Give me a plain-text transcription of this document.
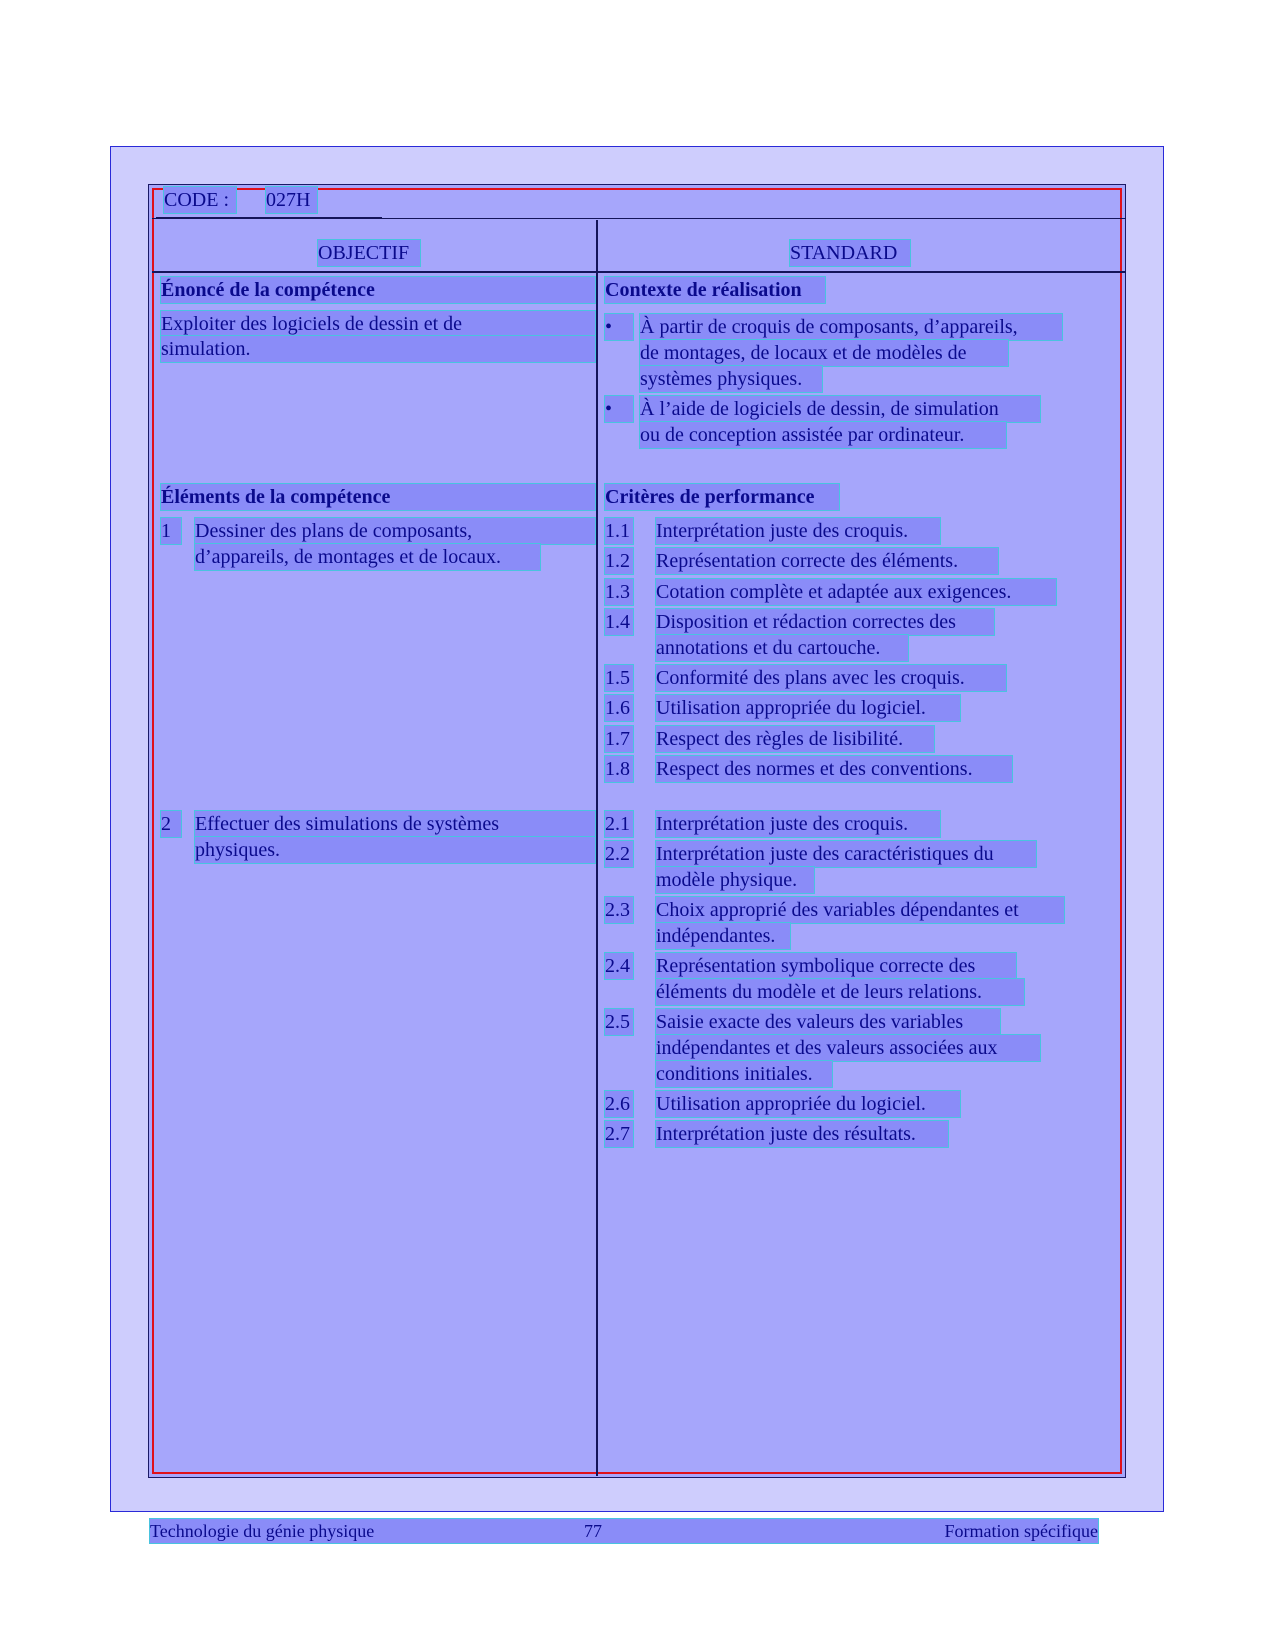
CODE :	027H
OBJECTIF	STANDARD
Énoncé de la compétence
Exploiter des logiciels de dessin et de
simulation.
Contexte de réalisation
•	À partir de croquis de composants, d’appareils,
de montages, de locaux et de modèles de
systèmes physiques.
•	À l’aide de logiciels de dessin, de simulation
ou de conception assistée par ordinateur.
Éléments de la compétence
1	Dessiner des plans de composants,
d’appareils, de montages et de locaux.
2	Effectuer des simulations de systèmes
physiques.
Critères de performance
1.1 Interprétation juste des croquis.
1.2 Représentation correcte des éléments.
1.3 Cotation complète et adaptée aux exigences.
1.4 Disposition et rédaction correctes des
annotations et du cartouche.
1.5 Conformité des plans avec les croquis.
1.6 Utilisation appropriée du logiciel.
1.7 Respect des règles de lisibilité.
1.8 Respect des normes et des conventions.
2.1 Interprétation juste des croquis.
2.2 Interprétation juste des caractéristiques du
modèle physique.
2.3 Choix approprié des variables dépendantes et
indépendantes.
2.4 Représentation symbolique correcte des
éléments du modèle et de leurs relations.
2.5 Saisie exacte des valeurs des variables
indépendantes et des valeurs associées aux
conditions initiales.
2.6 Utilisation appropriée du logiciel.
2.7 Interprétation juste des résultats.
Technologie du génie physique	77	Formation spécifique
